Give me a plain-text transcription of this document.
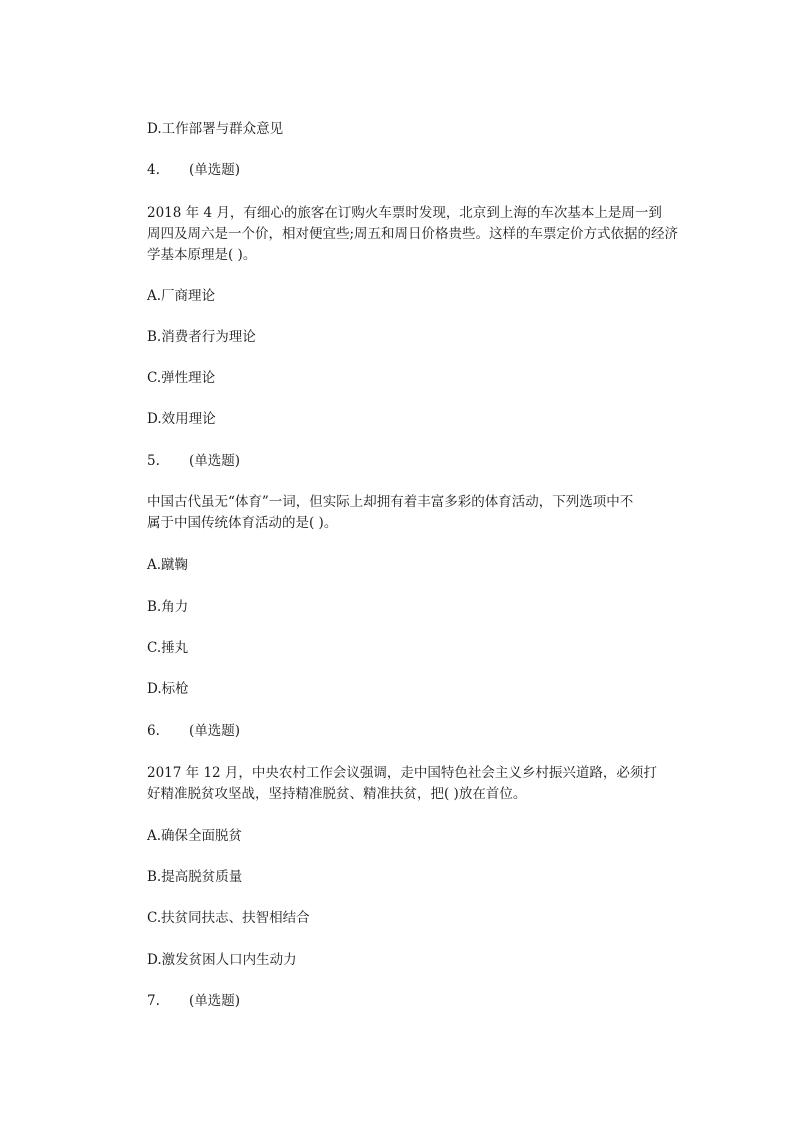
D.工作部署与群众意见
4. (单选题)

2018 年 4 月，有细心的旅客在订购火车票时发现，北京到上海的车次基本上是周一到

周四及周六是一个价，相对便宜些;周五和周日价格贵些。这样的车票定价方式依据的经济

学基本原理是( )。

A.厂商理论
B.消费者行为理论
C.弹性理论
D.效用理论
5. (单选题)

中国古代虽无“体育”一词，但实际上却拥有着丰富多彩的体育活动，下列选项中不

属于中国传统体育活动的是( )。

A.蹴鞠
B.角力
C.捶丸
D.标枪
6. (单选题)

2017 年 12 月，中央农村工作会议强调，走中国特色社会主义乡村振兴道路，必须打

好精准脱贫攻坚战，坚持精准脱贫、精准扶贫，把( )放在首位。

A.确保全面脱贫
B.提高脱贫质量
C.扶贫同扶志、扶智相结合
D.激发贫困人口内生动力
7. (单选题)
